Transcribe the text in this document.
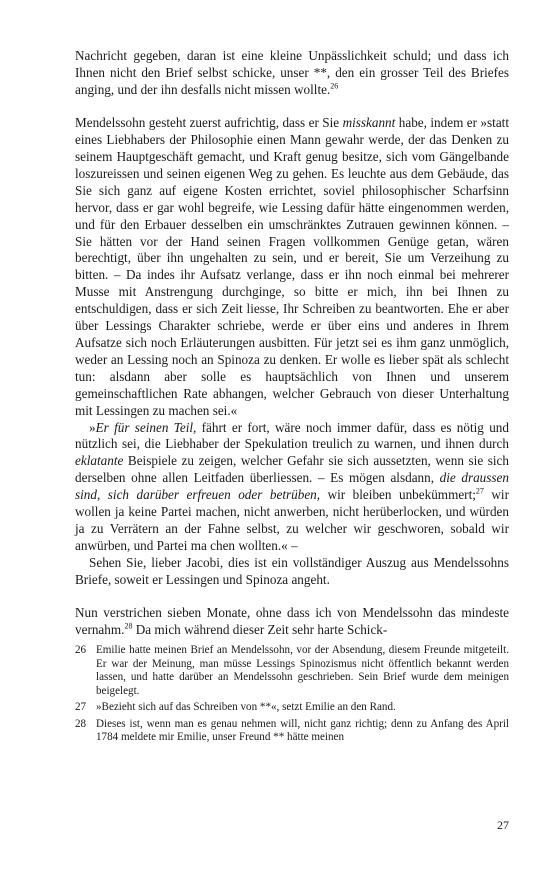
Nachricht gegeben, daran ist eine kleine Unpässlichkeit schuld; und dass ich Ihnen nicht den Brief selbst schicke, unser **, den ein grosser Teil des Briefes anging, und der ihn desfalls nicht missen wollte.$^{26}$

Mendelssohn gesteht zuerst aufrichtig, dass er Sie misskannt habe, indem er »statt eines Liebhabers der Philosophie einen Mann gewahr werde, der das Denken zu seinem Hauptgeschäft gemacht, und Kraft genug besitze, sich vom Gängelbande loszureissen und seinen eigenen Weg zu gehen. Es leuchte aus dem Gebäude, das Sie sich ganz auf eigene Kosten errichtet, soviel philosophischer Scharfsinn hervor, dass er gar wohl begreife, wie Lessing dafür hätte eingenommen werden, und für den Erbauer desselben ein umschränktes Zutrauen gewinnen können. – Sie hätten vor der Hand seinen Fragen vollkommen Genüge getan, wären berechtigt, über ihn ungehalten zu sein, und er bereit, Sie um Verzeihung zu bitten. – Da indes ihr Aufsatz verlange, dass er ihn noch einmal bei mehrerer Musse mit Anstrengung durchginge, so bitte er mich, ihn bei Ihnen zu entschuldigen, dass er sich Zeit liesse, Ihr Schreiben zu beantworten. Ehe er aber über Lessings Charakter schriebe, werde er über eins und anderes in Ihrem Aufsatze sich noch Erläuterungen ausbitten. Für jetzt sei es ihm ganz unmöglich, weder an Lessing noch an Spinoza zu denken. Er wolle es lieber spät als schlecht tun: alsdann aber solle es hauptsächlich von Ihnen und unserem gemeinschaftlichen Rate abhangen, welcher Gebrauch von dieser Unterhaltung mit Lessingen zu machen sei.«

»Er für seinen Teil, fährt er fort, wäre noch immer dafür, dass es nötig und nützlich sei, die Liebhaber der Spekulation treulich zu warnen, und ihnen durch eklatante Beispiele zu zeigen, welcher Gefahr sie sich aussetzten, wenn sie sich derselben ohne allen Leitfaden überliessen. – Es mögen alsdann, die draussen sind, sich darüber erfreuen oder betrüben, wir bleiben unbekümmert;$^{27}$ wir wollen ja keine Partei machen, nicht anwerben, nicht herüberlocken, und würden ja zu Verrätern an der Fahne selbst, zu welcher wir geschworen, sobald wir anwürben, und Partei ma chen wollten.« –

Sehen Sie, lieber Jacobi, dies ist ein vollständiger Auszug aus Mendelssohns Briefe, soweit er Lessingen und Spinoza angeht.

Nun verstrichen sieben Monate, ohne dass ich von Mendelssohn das mindeste vernahm.$^{28}$ Da mich während dieser Zeit sehr harte Schick-

26 Emilie hatte meinen Brief an Mendelssohn, vor der Absendung, diesem Freunde mitgeteilt. Er war der Meinung, man müsse Lessings Spinozismus nicht öffentlich bekannt werden lassen, und hatte darüber an Mendelssohn geschrieben. Sein Brief wurde dem meinigen beigelegt.
27 »Bezieht sich auf das Schreiben von **«, setzt Emilie an den Rand.
28 Dieses ist, wenn man es genau nehmen will, nicht ganz richtig; denn zu Anfang des April 1784 meldete mir Emilie, unser Freund ** hätte meinen
27
